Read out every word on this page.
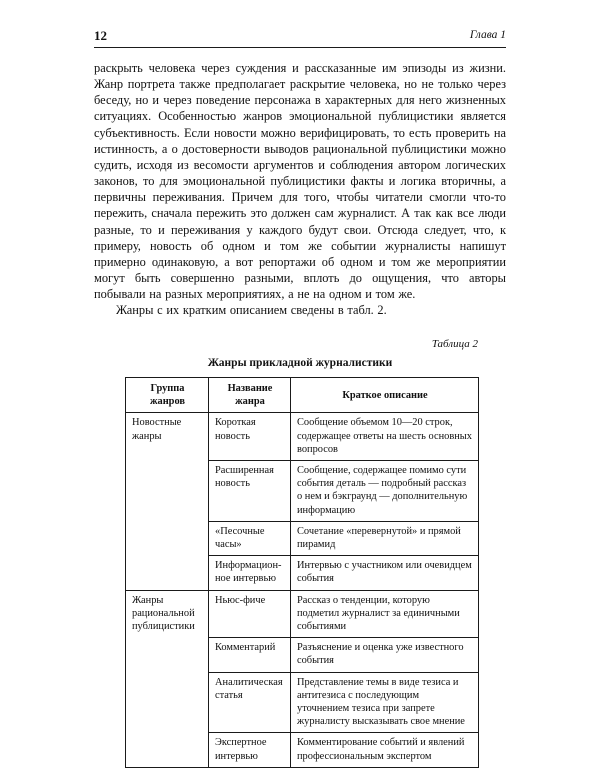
12	Глава 1

раскрыть человека через суждения и рассказанные им эпизоды из жизни. Жанр портрета также предполагает раскрытие человека, но не только через беседу, но и через поведение персонажа в характерных для него жизненных ситуациях. Особенностью жанров эмоциональной публицистики является субъективность. Если новости можно верифицировать, то есть проверить на истинность, а о достоверности выводов рациональной публицистики можно судить, исходя из весомости аргументов и соблюдения автором логических законов, то для эмоциональной публицистики факты и логика вторичны, а первичны переживания. Причем для того, чтобы читатели смогли что-то пережить, сначала пережить это должен сам журналист. А так как все люди разные, то и переживания у каждого будут свои. Отсюда следует, что, к примеру, новость об одном и том же событии журналисты напишут примерно одинаковую, а вот репортажи об одном и том же мероприятии могут быть совершенно разными, вплоть до ощущения, что авторы побывали на разных мероприятиях, а не на одном и том же.

Жанры с их кратким описанием сведены в табл. 2.

Таблица 2
Жанры прикладной журналистики
Группа жанров	Название жанра	Краткое описание
Новостные жанры	Короткая новость	Сообщение объемом 10—20 строк, содержащее ответы на шесть основных вопросов
	Расширенная новость	Сообщение, содержащее помимо сути события деталь — подробный рассказ о нем и бэкграунд — дополнительную информацию
	«Песочные часы»	Сочетание «перевернутой» и прямой пирамид
	Информацион-ное интервью	Интервью с участником или очевидцем события
Жанры рациональной публицистики	Ньюс-фиче	Рассказ о тенденции, которую подметил журналист за единичными событиями
	Комментарий	Разъяснение и оценка уже известного события
	Аналитическая статья	Представление темы в виде тезиса и антитезиса с последующим уточнением тезиса при запрете журналисту высказывать свое мнение
	Экспертное интервью	Комментирование событий и явлений профессиональным экспертом
